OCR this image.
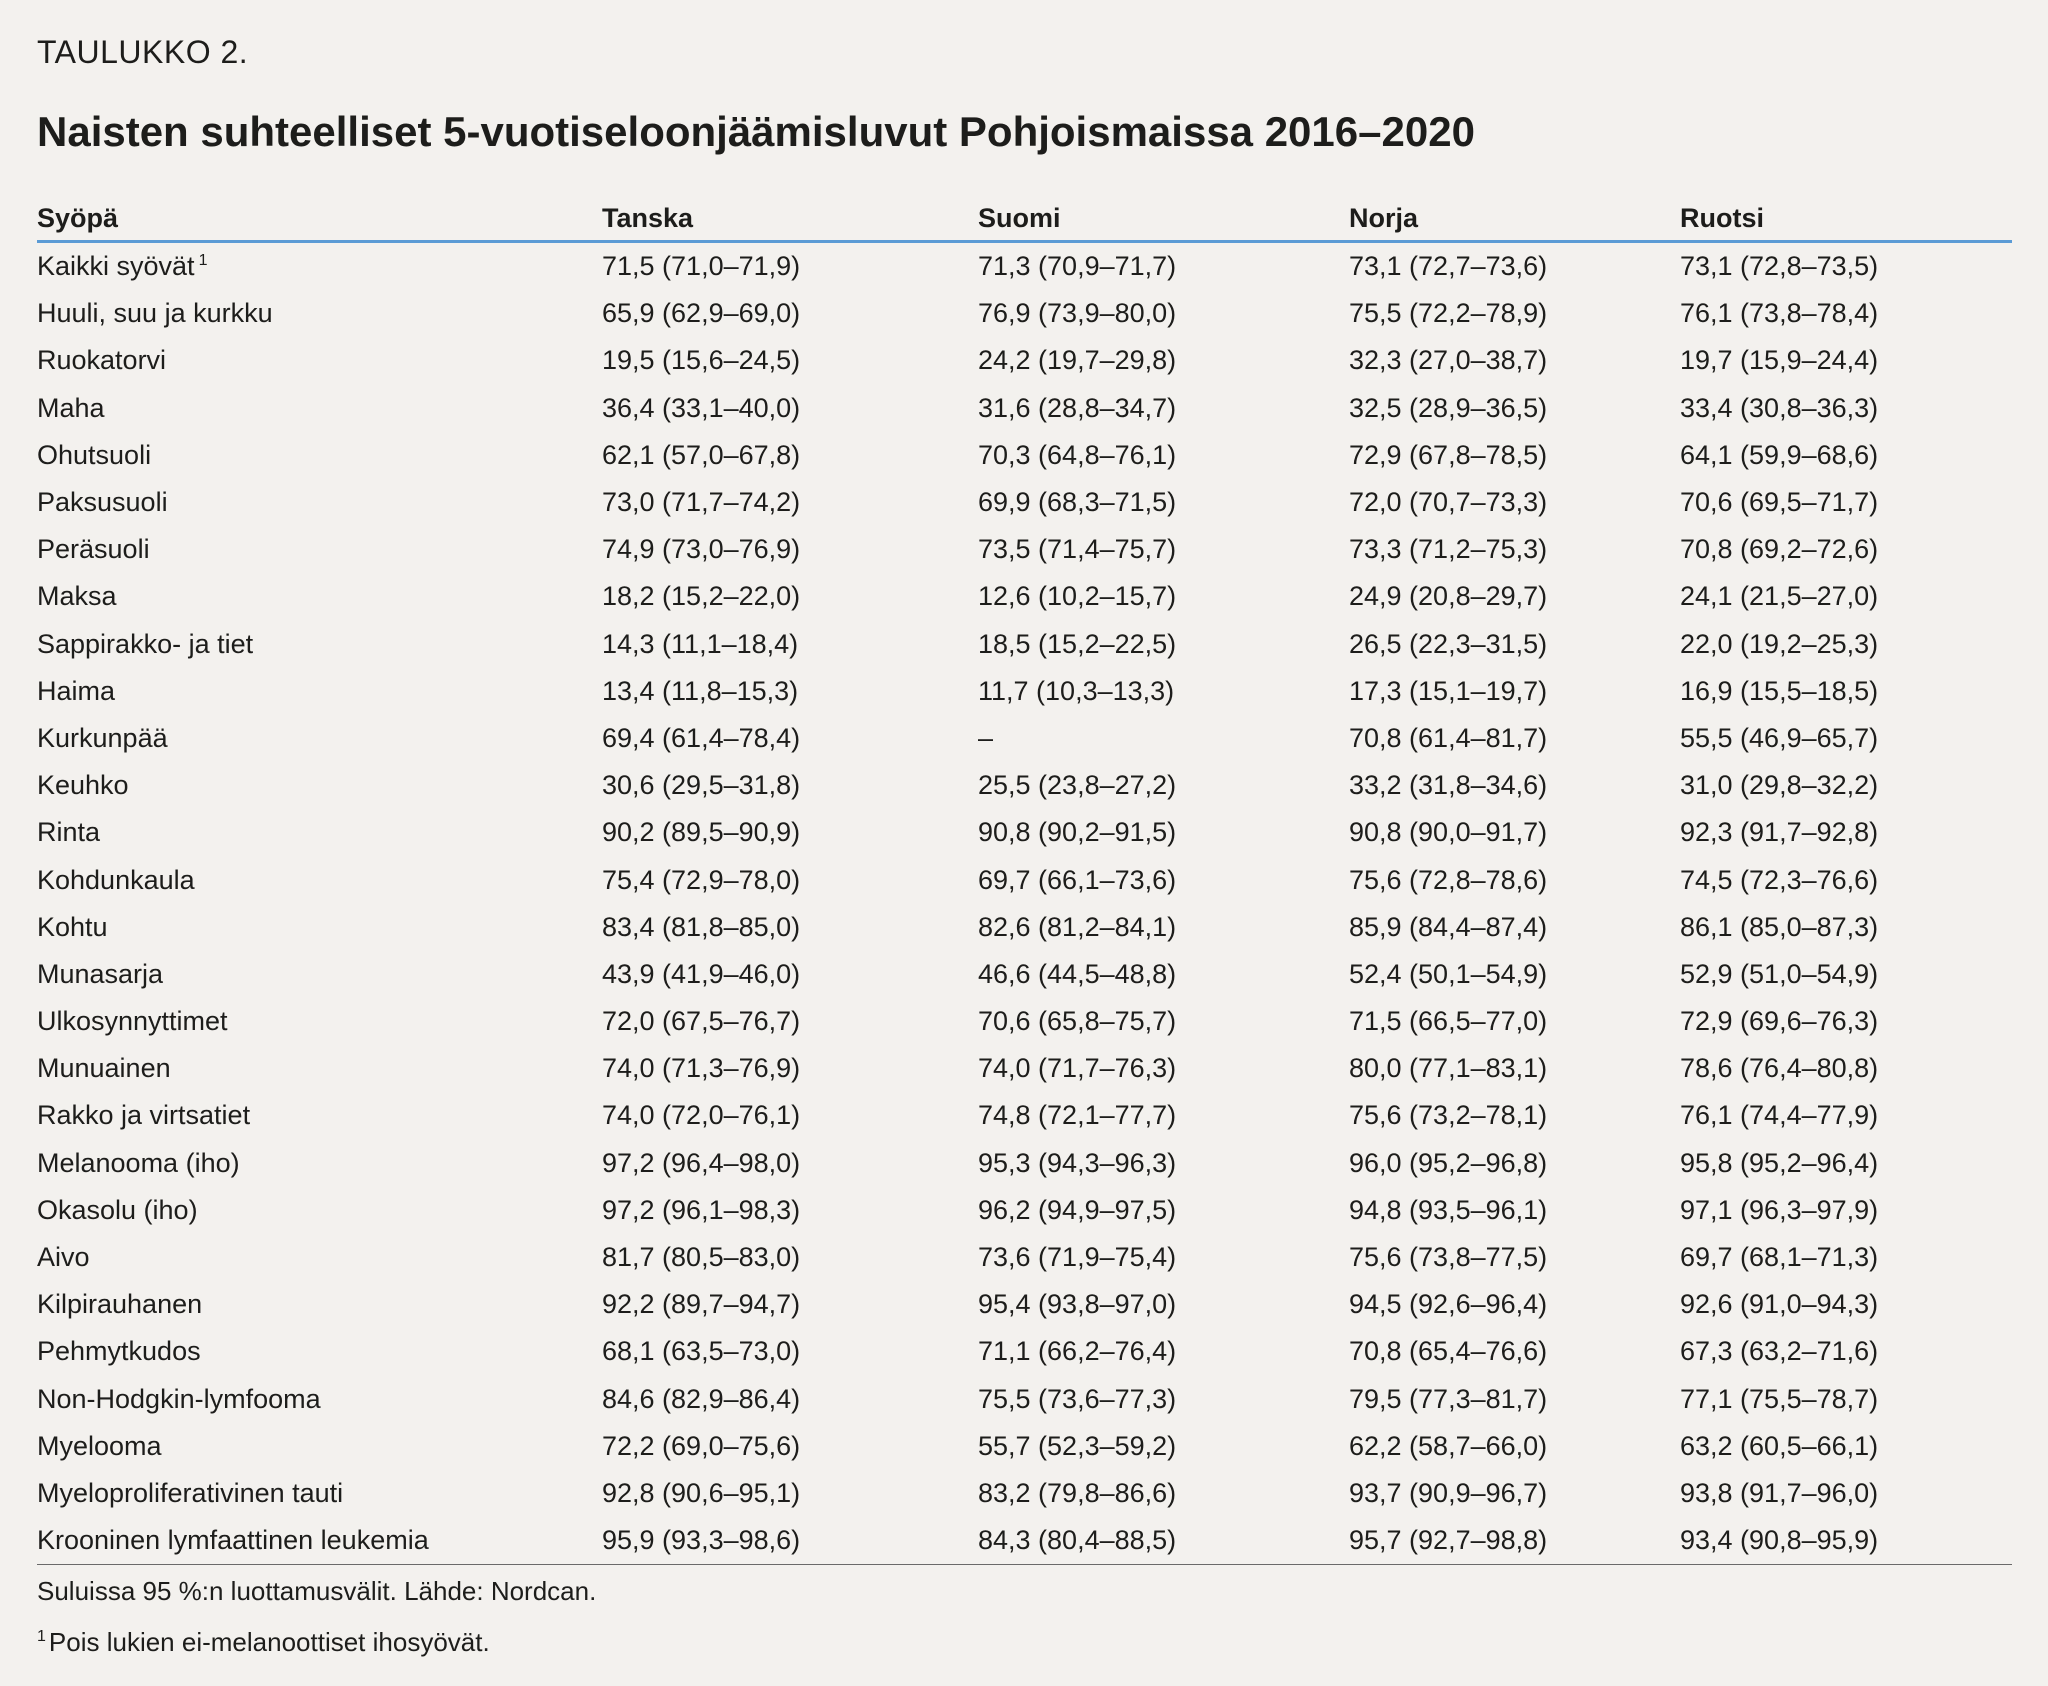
TAULUKKO 2.
Naisten suhteelliset 5-vuotiseloonjäämisluvut Pohjoismaissa 2016–2020
Syöpä	Tanska	Suomi	Norja	Ruotsi
Kaikki syövät $^1$	71,5 (71,0–71,9)	71,3 (70,9–71,7)	73,1 (72,7–73,6)	73,1 (72,8–73,5)
Huuli, suu ja kurkku	65,9 (62,9–69,0)	76,9 (73,9–80,0)	75,5 (72,2–78,9)	76,1 (73,8–78,4)
Ruokatorvi	19,5 (15,6–24,5)	24,2 (19,7–29,8)	32,3 (27,0–38,7)	19,7 (15,9–24,4)
Maha	36,4 (33,1–40,0)	31,6 (28,8–34,7)	32,5 (28,9–36,5)	33,4 (30,8–36,3)
Ohutsuoli	62,1 (57,0–67,8)	70,3 (64,8–76,1)	72,9 (67,8–78,5)	64,1 (59,9–68,6)
Paksusuoli	73,0 (71,7–74,2)	69,9 (68,3–71,5)	72,0 (70,7–73,3)	70,6 (69,5–71,7)
Peräsuoli	74,9 (73,0–76,9)	73,5 (71,4–75,7)	73,3 (71,2–75,3)	70,8 (69,2–72,6)
Maksa	18,2 (15,2–22,0)	12,6 (10,2–15,7)	24,9 (20,8–29,7)	24,1 (21,5–27,0)
Sappirakko- ja tiet	14,3 (11,1–18,4)	18,5 (15,2–22,5)	26,5 (22,3–31,5)	22,0 (19,2–25,3)
Haima	13,4 (11,8–15,3)	11,7 (10,3–13,3)	17,3 (15,1–19,7)	16,9 (15,5–18,5)
Kurkunpää	69,4 (61,4–78,4)	–	70,8 (61,4–81,7)	55,5 (46,9–65,7)
Keuhko	30,6 (29,5–31,8)	25,5 (23,8–27,2)	33,2 (31,8–34,6)	31,0 (29,8–32,2)
Rinta	90,2 (89,5–90,9)	90,8 (90,2–91,5)	90,8 (90,0–91,7)	92,3 (91,7–92,8)
Kohdunkaula	75,4 (72,9–78,0)	69,7 (66,1–73,6)	75,6 (72,8–78,6)	74,5 (72,3–76,6)
Kohtu	83,4 (81,8–85,0)	82,6 (81,2–84,1)	85,9 (84,4–87,4)	86,1 (85,0–87,3)
Munasarja	43,9 (41,9–46,0)	46,6 (44,5–48,8)	52,4 (50,1–54,9)	52,9 (51,0–54,9)
Ulkosynnyttimet	72,0 (67,5–76,7)	70,6 (65,8–75,7)	71,5 (66,5–77,0)	72,9 (69,6–76,3)
Munuainen	74,0 (71,3–76,9)	74,0 (71,7–76,3)	80,0 (77,1–83,1)	78,6 (76,4–80,8)
Rakko ja virtsatiet	74,0 (72,0–76,1)	74,8 (72,1–77,7)	75,6 (73,2–78,1)	76,1 (74,4–77,9)
Melanooma (iho)	97,2 (96,4–98,0)	95,3 (94,3–96,3)	96,0 (95,2–96,8)	95,8 (95,2–96,4)
Okasolu (iho)	97,2 (96,1–98,3)	96,2 (94,9–97,5)	94,8 (93,5–96,1)	97,1 (96,3–97,9)
Aivo	81,7 (80,5–83,0)	73,6 (71,9–75,4)	75,6 (73,8–77,5)	69,7 (68,1–71,3)
Kilpirauhanen	92,2 (89,7–94,7)	95,4 (93,8–97,0)	94,5 (92,6–96,4)	92,6 (91,0–94,3)
Pehmytkudos	68,1 (63,5–73,0)	71,1 (66,2–76,4)	70,8 (65,4–76,6)	67,3 (63,2–71,6)
Non-Hodgkin-lymfooma	84,6 (82,9–86,4)	75,5 (73,6–77,3)	79,5 (77,3–81,7)	77,1 (75,5–78,7)
Myelooma	72,2 (69,0–75,6)	55,7 (52,3–59,2)	62,2 (58,7–66,0)	63,2 (60,5–66,1)
Myeloproliferativinen tauti	92,8 (90,6–95,1)	83,2 (79,8–86,6)	93,7 (90,9–96,7)	93,8 (91,7–96,0)
Krooninen lymfaattinen leukemia	95,9 (93,3–98,6)	84,3 (80,4–88,5)	95,7 (92,7–98,8)	93,4 (90,8–95,9)
Suluissa 95 %:n luottamusvälit. Lähde: Nordcan.
$^1$ Pois lukien ei-melanoottiset ihosyövät.
